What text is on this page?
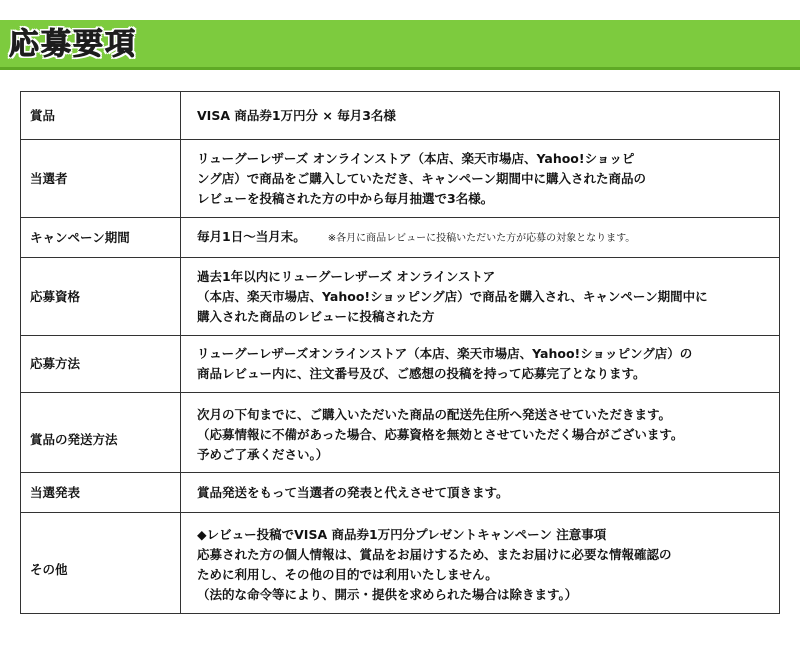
応募要項
賞品	VISA 商品券1万円分 × 毎月3名様

当選者	リューグーレザーズ オンラインストア（本店、楽天市場店、Yahoo!ショッピ
ング店）で商品をご購入していただき、キャンペーン期間中に購入された商品の
レビューを投稿された方の中から毎月抽選で3名様。

キャンペーン期間	毎月1日～当月末。 ※各月に商品レビューに投稿いただいた方が応募の対象となります。
応募資格	過去1年以内にリューグーレザーズ オンラインストア
（本店、楽天市場店、Yahoo!ショッピング店）で商品を購入され、キャンペーン期間中に
購入された商品のレビューに投稿された方

応募方法	リューグーレザーズオンラインストア（本店、楽天市場店、Yahoo!ショッピング店）の
商品レビュー内に、注文番号及び、ご感想の投稿を持って応募完了となります。

賞品の発送方法	次月の下旬までに、ご購入いただいた商品の配送先住所へ発送させていただきます。
（応募情報に不備があった場合、応募資格を無効とさせていただく場合がございます。
予めご了承ください。）

当選発表	賞品発送をもって当選者の発表と代えさせて頂きます。

その他	◆レビュー投稿でVISA 商品券1万円分プレゼントキャンペーン 注意事項
応募された方の個人情報は、賞品をお届けするため、またお届けに必要な情報確認の
ために利用し、その他の目的では利用いたしません。
（法的な命令等により、開示・提供を求められた場合は除きます。）
